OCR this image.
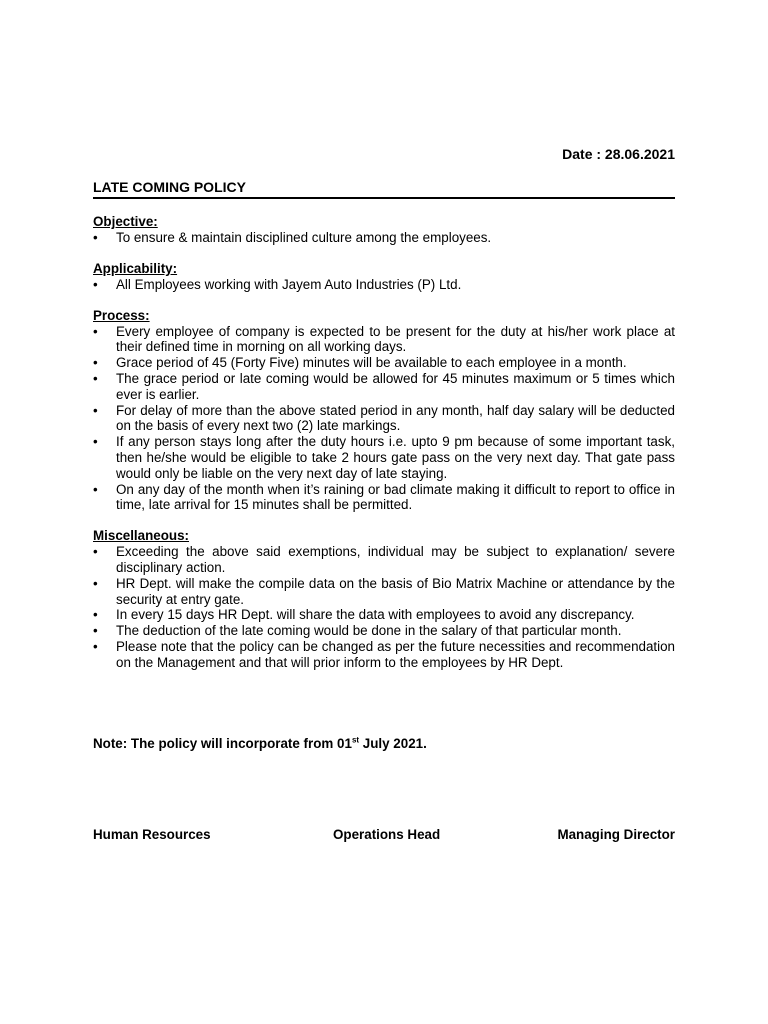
Date : 28.06.2021
LATE COMING POLICY
Objective:
•	To ensure & maintain disciplined culture among the employees.
Applicability:
•	All Employees working with Jayem Auto Industries (P) Ltd.
Process:
•	Every employee of company is expected to be present for the duty at his/her work place at their defined time in morning on all working days.
•	Grace period of 45 (Forty Five) minutes will be available to each employee in a month.
•	The grace period or late coming would be allowed for 45 minutes maximum or 5 times which ever is earlier.
•	For delay of more than the above stated period in any month, half day salary will be deducted on the basis of every next two (2) late markings.
•	If any person stays long after the duty hours i.e. upto 9 pm because of some important task, then he/she would be eligible to take 2 hours gate pass on the very next day. That gate pass would only be liable on the very next day of late staying.
•	On any day of the month when it’s raining or bad climate making it difficult to report to office in time, late arrival for 15 minutes shall be permitted.
Miscellaneous:
•	Exceeding the above said exemptions, individual may be subject to explanation/ severe disciplinary action.
•	HR Dept. will make the compile data on the basis of Bio Matrix Machine or attendance by the security at entry gate.
•	In every 15 days HR Dept. will share the data with employees to avoid any discrepancy.
•	The deduction of the late coming would be done in the salary of that particular month.
•	Please note that the policy can be changed as per the future necessities and recommendation on the Management and that will prior inform to the employees by HR Dept.
Note: The policy will incorporate from 01st July 2021.
Human Resources	Operations Head	Managing Director
